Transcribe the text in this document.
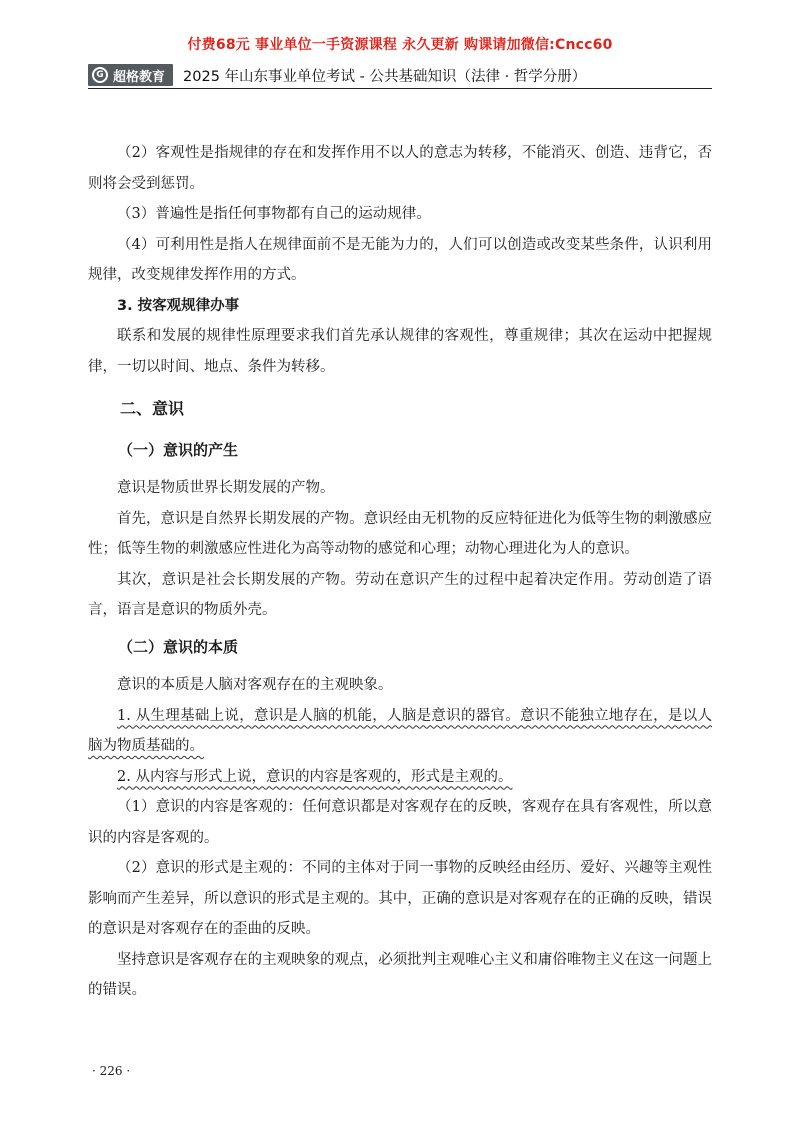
付费68元 事业单位一手资源课程 永久更新 购课请加微信:Cncc60
G 超格教育 2025 年山东事业单位考试 - 公共基础知识（法律 · 哲学分册）

（2）客观性是指规律的存在和发挥作用不以人的意志为转移，不能消灭、创造、违背它，否则将会受到惩罚。

（3）普遍性是指任何事物都有自己的运动规律。

（4）可利用性是指人在规律面前不是无能为力的，人们可以创造或改变某些条件，认识利用规律，改变规律发挥作用的方式。

3. 按客观规律办事

联系和发展的规律性原理要求我们首先承认规律的客观性，尊重规律；其次在运动中把握规律，一切以时间、地点、条件为转移。

二、意识

（一）意识的产生

意识是物质世界长期发展的产物。

首先，意识是自然界长期发展的产物。意识经由无机物的反应特征进化为低等生物的刺激感应性；低等生物的刺激感应性进化为高等动物的感觉和心理；动物心理进化为人的意识。

其次，意识是社会长期发展的产物。劳动在意识产生的过程中起着决定作用。劳动创造了语言，语言是意识的物质外壳。

（二）意识的本质

意识的本质是人脑对客观存在的主观映象。

1. 从生理基础上说，意识是人脑的机能，人脑是意识的器官。意识不能独立地存在，是以人脑为物质基础的。

2. 从内容与形式上说，意识的内容是客观的，形式是主观的。

（1）意识的内容是客观的：任何意识都是对客观存在的反映，客观存在具有客观性，所以意识的内容是客观的。

（2）意识的形式是主观的：不同的主体对于同一事物的反映经由经历、爱好、兴趣等主观性影响而产生差异，所以意识的形式是主观的。其中，正确的意识是对客观存在的正确的反映，错误的意识是对客观存在的歪曲的反映。

坚持意识是客观存在的主观映象的观点，必须批判主观唯心主义和庸俗唯物主义在这一问题上的错误。

· 226 ·
